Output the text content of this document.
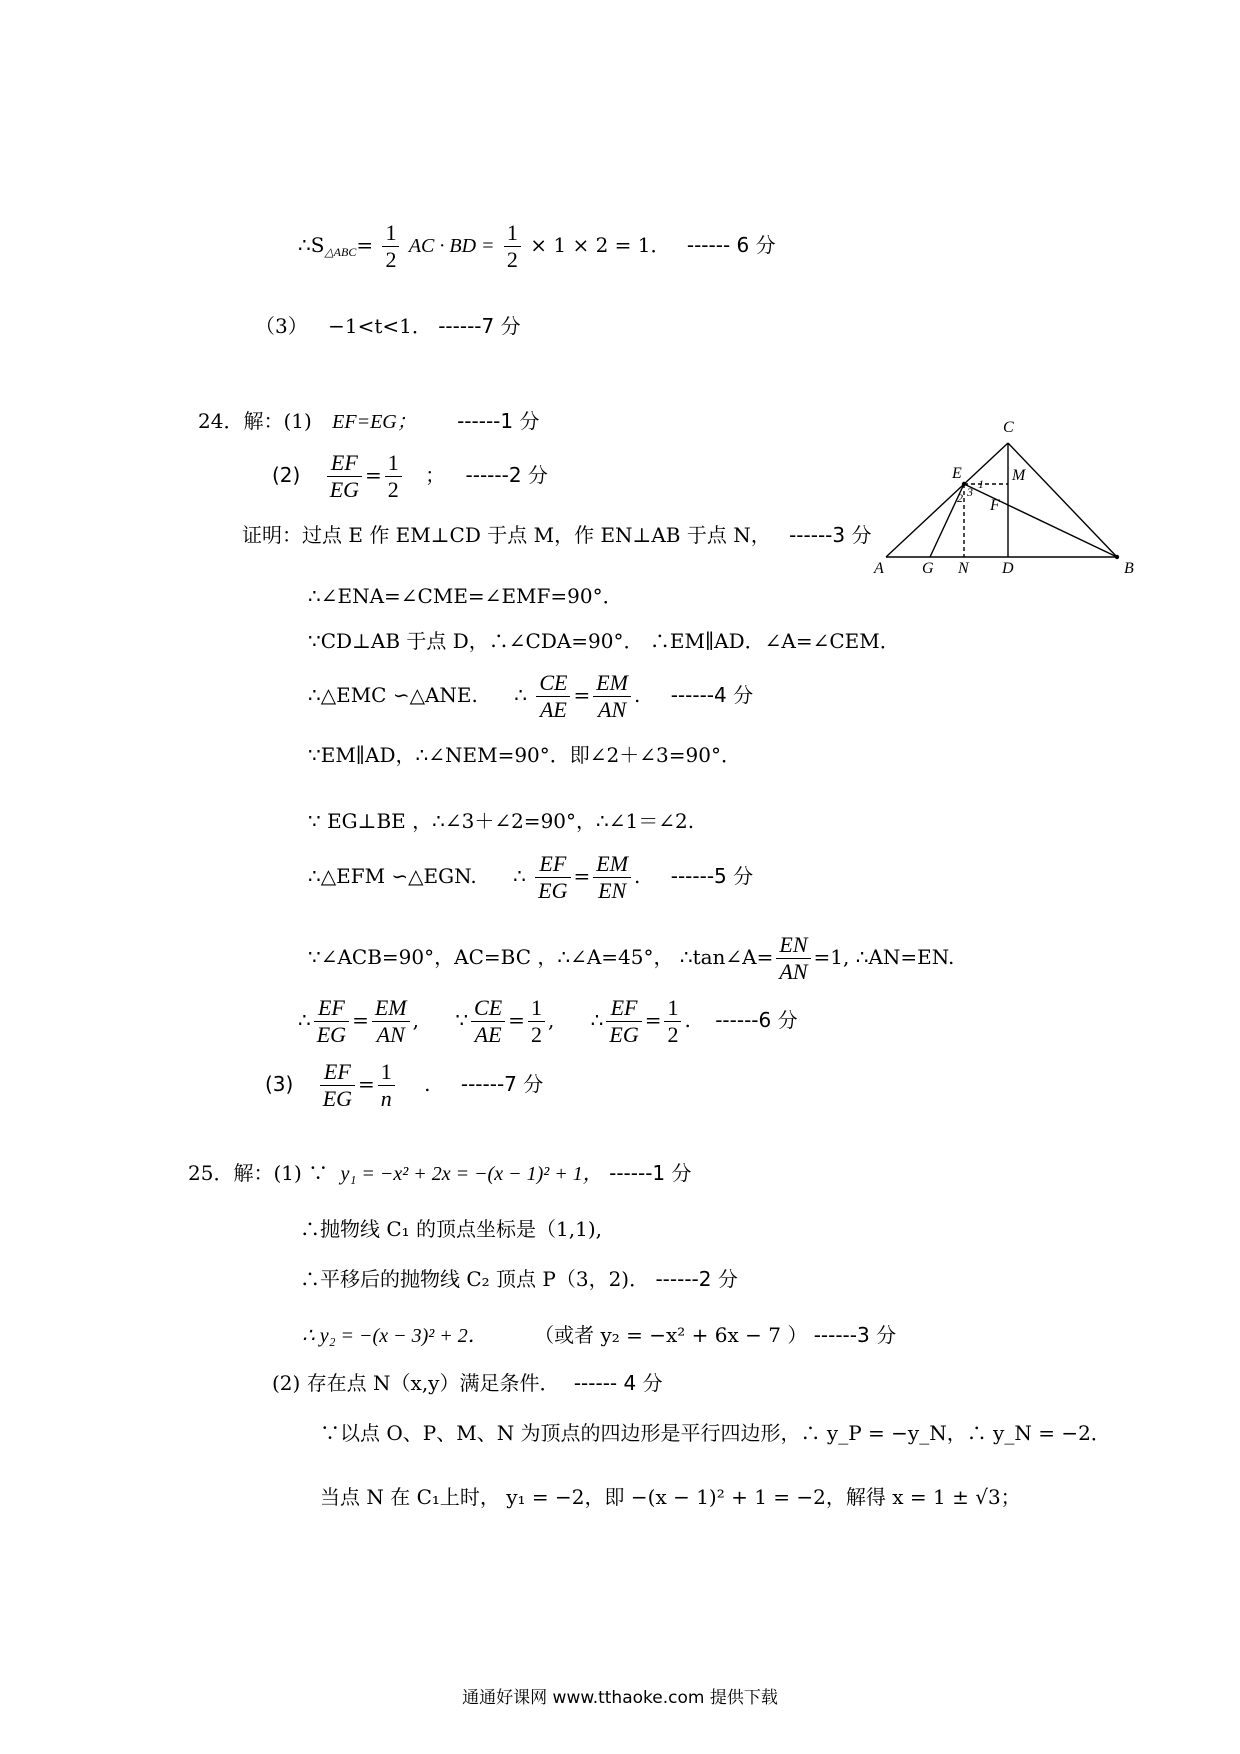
$\therefore S_{\triangle ABC}= \frac{1}{2}$ AC · BD = $\frac{1}{2} \times 1 \times 2 = 1$． ------ 6 分
（3） −1<t<1． ------7 分
24．解：(1) EF=EG； ------1 分
$(2) \frac{EF}{EG} = \frac{1}{2}$ ； ------2 分
证明：过点 E 作 EM⊥CD 于点 M，作 EN⊥AB 于点 N， ------3 分
∴∠ENA=∠CME=∠EMF=90°．
∵CD⊥AB 于点 D，∴∠CDA=90°． ∴EM∥AD．∠A=∠CEM．
∴△EMC ∽△ANE. ∴ $\frac{CE}{AE} = \frac{EM}{AN}$ . ------4 分
∵EM∥AD，∴∠NEM=90°．即∠2＋∠3=90°．
∵ EG⊥BE ，∴∠3＋∠2=90°，∴∠1＝∠2.
∴△EFM ∽△EGN. ∴ $\frac{EF}{EG} = \frac{EM}{EN}$ . ------5 分
∵∠ACB=90°，AC=BC ，∴∠A=45°， ∴tan∠A= $\frac{EN}{AN} =1$, ∴AN=EN.
∴ $\frac{EF}{EG} = \frac{EM}{AN}$ , ∵ $\frac{CE}{AE} = \frac{1}{2}$ , ∴ $\frac{EF}{EG} = \frac{1}{2}$ . ------6 分
$(3) \frac{EF}{EG} = \frac{1}{n}$ . ------7 分
C
E	M
F
A G N D	B
1
2 3
25．解：(1) ∵ y₁ = −x² + 2x = −(x − 1)² + 1， ------1 分
∴抛物线 C₁ 的顶点坐标是（1,1),
∴平移后的抛物线 C₂ 顶点 P（3，2)． ------2 分
∴ y₂ = −(x − 3)² + 2． （或者 y₂ = −x² + 6x − 7 ） ------3 分
(2) 存在点 N（x,y）满足条件． ------ 4 分
∵以点 O、P、M、N 为顶点的四边形是平行四边形，∴ y_P = −y_N，∴ y_N = −2．
当点 N 在 C₁上时， y₁ = −2，即 −(x − 1)² + 1 = −2，解得 x = 1 ± √3；
通通好课网 www.tthaoke.com 提供下载
